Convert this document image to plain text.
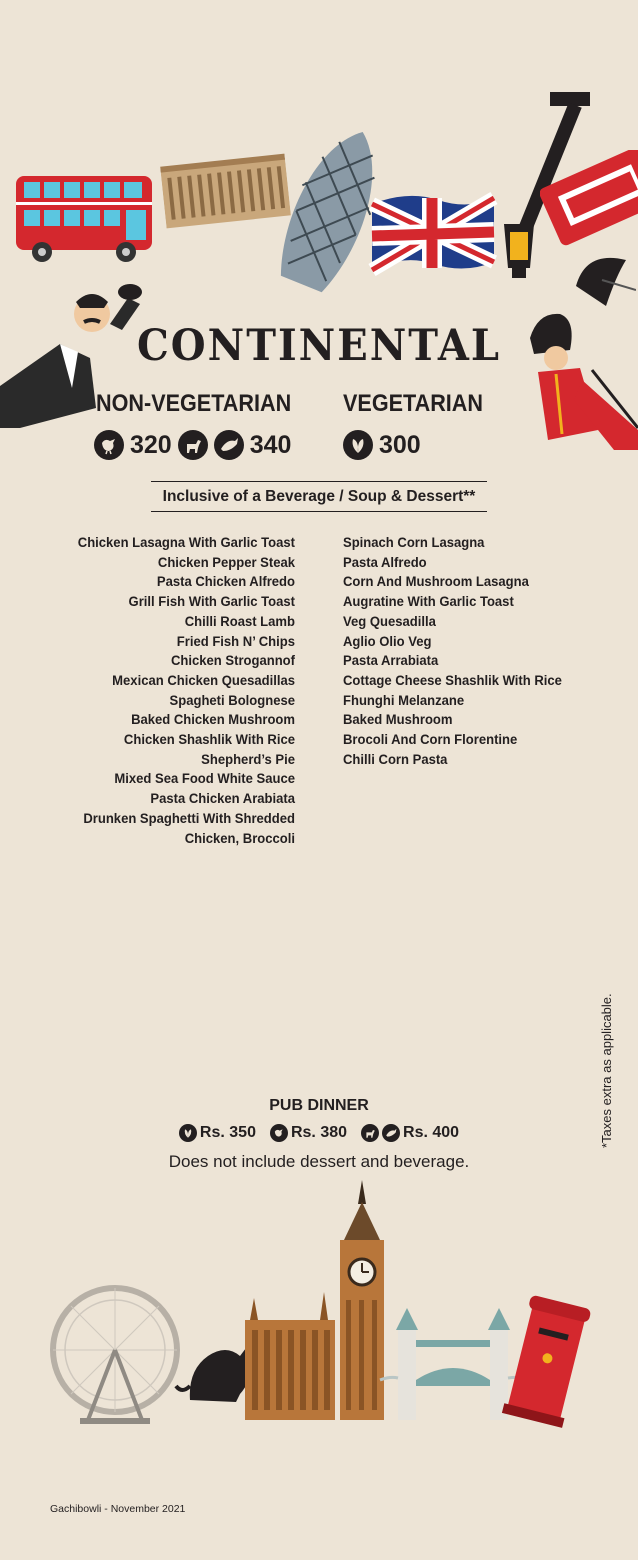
CONTINENTAL
NON-VEGETARIAN VEGETARIAN
320	340	300
Inclusive of a Beverage / Soup & Dessert**
Chicken Lasagna With Garlic Toast
Chicken Pepper Steak
Pasta Chicken Alfredo
Grill Fish With Garlic Toast
Chilli Roast Lamb
Fried Fish N’ Chips
Chicken Strogannof
Mexican Chicken Quesadillas
Spagheti Bolognese
Baked Chicken Mushroom
Chicken Shashlik With Rice
Shepherd’s Pie
Mixed Sea Food White Sauce
Pasta Chicken Arabiata
Drunken Spaghetti With Shredded
Chicken, Broccoli
Spinach Corn Lasagna
Pasta Alfredo
Corn And Mushroom Lasagna
Augratine With Garlic Toast
Veg Quesadilla
Aglio Olio Veg
Pasta Arrabiata
Cottage Cheese Shashlik With Rice
Fhunghi Melanzane
Baked Mushroom
Brocoli And Corn Florentine
Chilli Corn Pasta
*Taxes extra as applicable.
PUB DINNER
Rs. 350 Rs. 380	Rs. 400
Does not include dessert and beverage.
Gachibowli - November 2021
